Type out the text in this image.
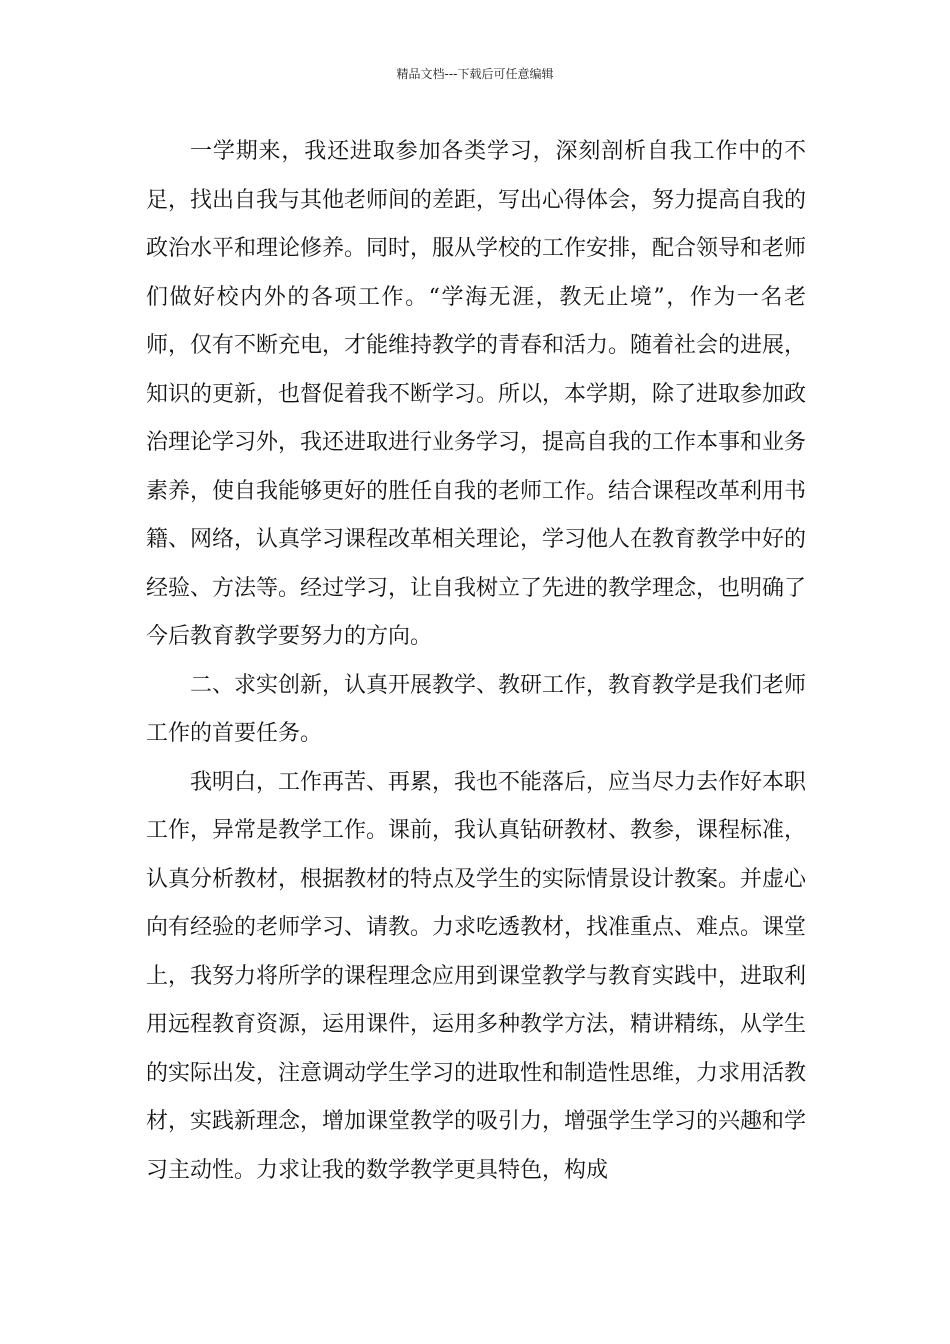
精品文档---下载后可任意编辑

一学期来，我还进取参加各类学习，深刻剖析自我工作中的不足，找出自我与其他老师间的差距，写出心得体会，努力提高自我的政治水平和理论修养。同时，服从学校的工作安排，配合领导和老师们做好校内外的各项工作。“学海无涯，教无止境”，作为一名老师，仅有不断充电，才能维持教学的青春和活力。随着社会的进展，知识的更新，也督促着我不断学习。所以，本学期，除了进取参加政治理论学习外，我还进取进行业务学习，提高自我的工作本事和业务素养，使自我能够更好的胜任自我的老师工作。结合课程改革利用书籍、网络，认真学习课程改革相关理论，学习他人在教育教学中好的经验、方法等。经过学习，让自我树立了先进的教学理念，也明确了今后教育教学要努力的方向。

二、求实创新，认真开展教学、教研工作，教育教学是我们老师工作的首要任务。

我明白，工作再苦、再累，我也不能落后，应当尽力去作好本职工作，异常是教学工作。课前，我认真钻研教材、教参，课程标准，认真分析教材，根据教材的特点及学生的实际情景设计教案。并虚心向有经验的老师学习、请教。力求吃透教材，找准重点、难点。课堂上，我努力将所学的课程理念应用到课堂教学与教育实践中，进取利用远程教育资源，运用课件，运用多种教学方法，精讲精练，从学生的实际出发，注意调动学生学习的进取性和制造性思维，力求用活教材，实践新理念，增加课堂教学的吸引力，增强学生学习的兴趣和学习主动性。力求让我的数学教学更具特色，构成
